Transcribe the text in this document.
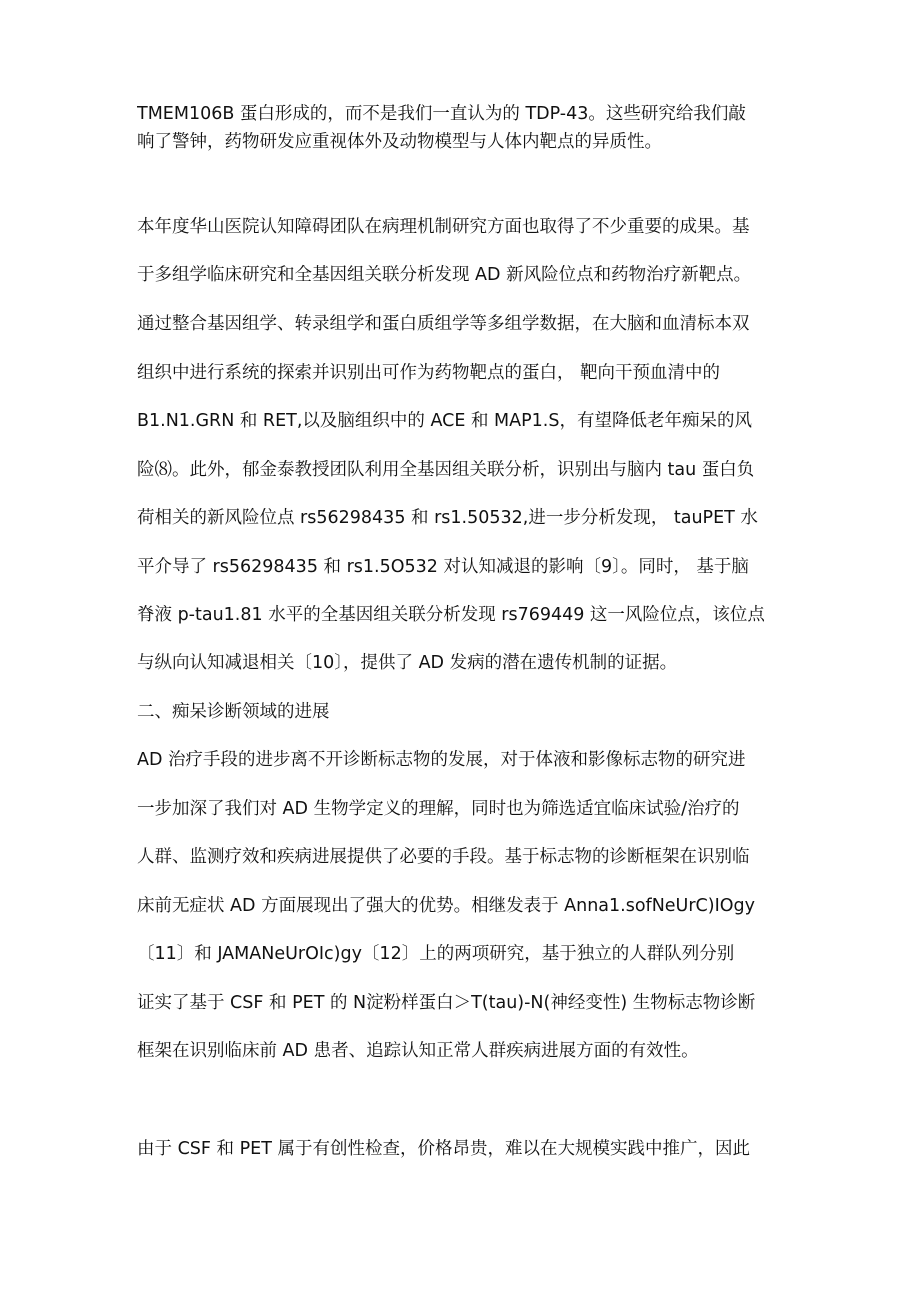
TMEM106B 蛋白形成的，而不是我们一直认为的 TDP-43。这些研究给我们敲
响了警钟，药物研发应重视体外及动物模型与人体内靶点的异质性。
本年度华山医院认知障碍团队在病理机制研究方面也取得了不少重要的成果。基
于多组学临床研究和全基因组关联分析发现 AD 新风险位点和药物治疗新靶点。
通过整合基因组学、转录组学和蛋白质组学等多组学数据，在大脑和血清标本双
组织中进行系统的探索并识别出可作为药物靶点的蛋白， 靶向干预血清中的
B1.N1.GRN 和 RET,以及脑组织中的 ACE 和 MAP1.S，有望降低老年痴呆的风
险⑻。此外，郁金泰教授团队利用全基因组关联分析，识别出与脑内 tau 蛋白负
荷相关的新风险位点 rs56298435 和 rs1.50532,进一步分析发现， tauPET 水
平介导了 rs56298435 和 rs1.5O532 对认知减退的影响〔9〕。同时， 基于脑
脊液 p-tau1.81 水平的全基因组关联分析发现 rs769449 这一风险位点，该位点
与纵向认知减退相关〔10〕，提供了 AD 发病的潜在遗传机制的证据。
二、痴呆诊断领域的进展
AD 治疗手段的进步离不开诊断标志物的发展，对于体液和影像标志物的研究进
一步加深了我们对 AD 生物学定义的理解，同时也为筛选适宜临床试验/治疗的
人群、监测疗效和疾病进展提供了必要的手段。基于标志物的诊断框架在识别临
床前无症状 AD 方面展现出了强大的优势。相继发表于 Anna1.sofNeUrC)IOgy
〔11〕和 JAMANeUrOIc)gy〔12〕上的两项研究，基于独立的人群队列分别
证实了基于 CSF 和 PET 的 N淀粉样蛋白＞T(tau)-N(神经变性) 生物标志物诊断
框架在识别临床前 AD 患者、追踪认知正常人群疾病进展方面的有效性。
由于 CSF 和 PET 属于有创性检查，价格昂贵，难以在大规模实践中推广，因此
